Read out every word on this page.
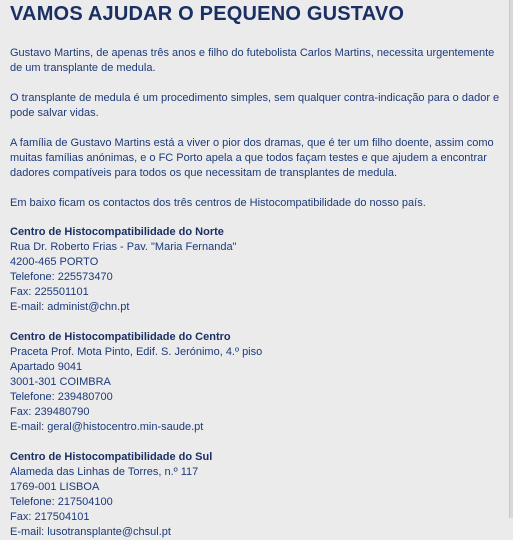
VAMOS AJUDAR O PEQUENO GUSTAVO

Gustavo Martins, de apenas três anos e filho do futebolista Carlos Martins, necessita urgentemente de um transplante de medula.

O transplante de medula é um procedimento simples, sem qualquer contra-indicação para o dador e pode salvar vidas.

A família de Gustavo Martins está a viver o pior dos dramas, que é ter um filho doente, assim como muitas famílias anónimas, e o FC Porto apela a que todos façam testes e que ajudem a encontrar dadores compatíveis para todos os que necessitam de transplantes de medula.

Em baixo ficam os contactos dos três centros de Histocompatibilidade do nosso país.

Centro de Histocompatibilidade do Norte
Rua Dr. Roberto Frias - Pav. "Maria Fernanda"
4200-465 PORTO
Telefone: 225573470
Fax: 225501101
E-mail: administ@chn.pt
Centro de Histocompatibilidade do Centro
Praceta Prof. Mota Pinto, Edif. S. Jerónimo, 4.º piso
Apartado 9041
3001-301 COIMBRA
Telefone: 239480700
Fax: 239480790
E-mail: geral@histocentro.min-saude.pt
Centro de Histocompatibilidade do Sul
Alameda das Linhas de Torres, n.º 117
1769-001 LISBOA
Telefone: 217504100
Fax: 217504101
E-mail: lusotransplante@chsul.pt
